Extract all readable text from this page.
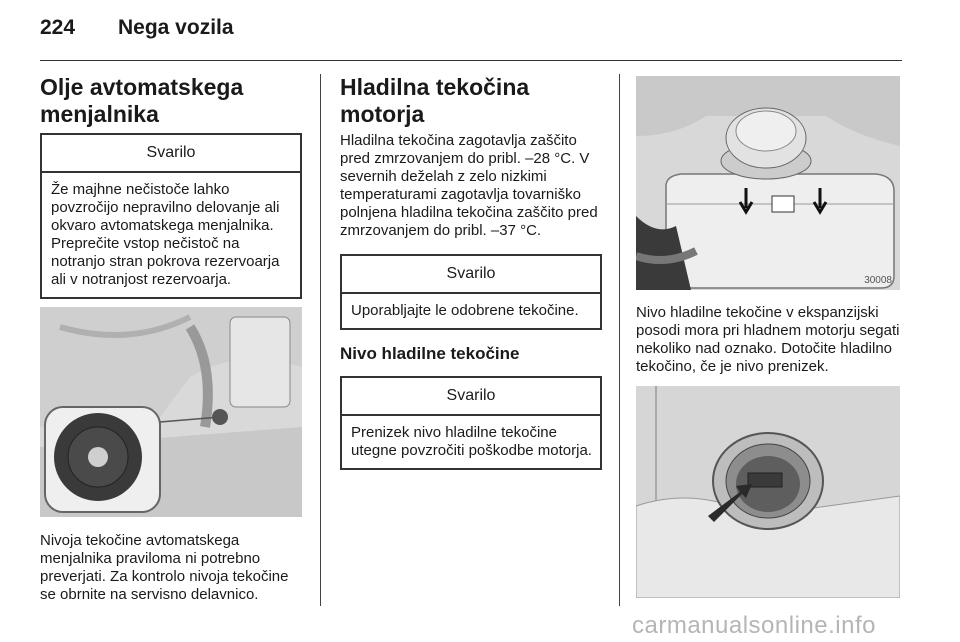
224 Nega vozila
Olje avtomatskega menjalnika
Svarilo
Že majhne nečistoče lahko povzročijo nepravilno delovanje ali okvaro avtomatskega menjalnika. Preprečite vstop nečistoč na notranjo stran pokrova rezervoarja ali v notranjost rezervoarja.

Nivoja tekočine avtomatskega menjalnika praviloma ni potrebno preverjati. Za kontrolo nivoja tekočine se obrnite na servisno delavnico.

Hladilna tekočina motorja

Hladilna tekočina zagotavlja zaščito pred zmrzovanjem do pribl. –28 °C. V severnih deželah z zelo nizkimi temperaturami zagotavlja tovarniško polnjena hladilna tekočina zaščito pred zmrzovanjem do pribl. –37 °C.

Svarilo
Uporabljajte le odobrene tekočine.
Nivo hladilne tekočine
Svarilo
Prenizek nivo hladilne tekočine utegne povzročiti poškodbe motorja.
30008

Nivo hladilne tekočine v ekspanzijski posodi mora pri hladnem motorju segati nekoliko nad oznako. Dotočite hladilno tekočino, če je nivo prenizek.

carmanualsonline.info
